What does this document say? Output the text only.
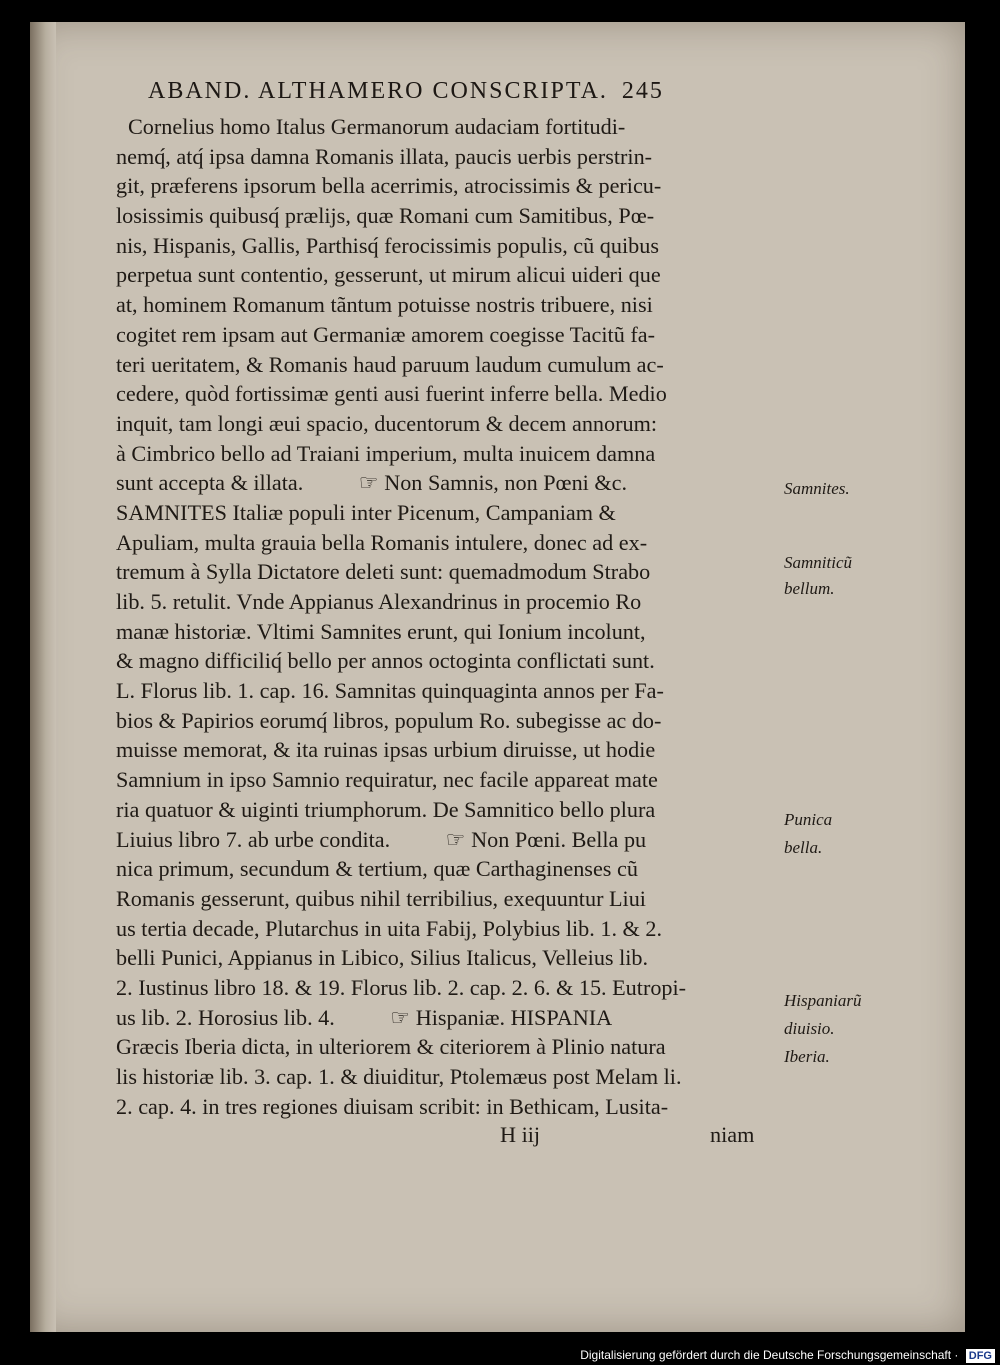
ABAND. ALTHAMERO CONSCRIPTA. 245
Cornelius homo Italus Germanorum audaciam fortitudi-
nemq́, atq́ ipsa damna Romanis illata, paucis uerbis perstrin-
git, præferens ipsorum bella acerrimis, atrocissimis & pericu-
losissimis quibusq́ prælijs, quæ Romani cum Samitibus, Pœ-
nis, Hispanis, Gallis, Parthisq́ ferocissimis populis, cũ quibus
perpetua sunt contentio, gesserunt, ut mirum alicui uideri que
at, hominem Romanum tãntum potuisse nostris tribuere, nisi
cogitet rem ipsam aut Germaniæ amorem coegisse Tacitũ fa-
teri ueritatem, & Romanis haud paruum laudum cumulum ac-
cedere, quòd fortissimæ genti ausi fuerint inferre bella. Medio
inquit, tam longi æui spacio, ducentorum & decem annorum:
à Cimbrico bello ad Traiani imperium, multa inuicem damna
sunt accepta & illata.          ☞ Non Samnis, non Pœni &c.
SAMNITES Italiæ populi inter Picenum, Campaniam &
Apuliam, multa grauia bella Romanis intulere, donec ad ex-
tremum à Sylla Dictatore deleti sunt: quemadmodum Strabo
lib. 5. retulit. Vnde Appianus Alexandrinus in procemio Ro
manæ historiæ. Vltimi Samnites erunt, qui Ionium incolunt,
& magno difficiliq́ bello per annos octoginta conflictati sunt.
L. Florus lib. 1. cap. 16. Samnitas quinquaginta annos per Fa-
bios & Papirios eorumq́ libros, populum Ro. subegisse ac do-
muisse memorat, & ita ruinas ipsas urbium diruisse, ut hodie
Samnium in ipso Samnio requiratur, nec facile appareat mate
ria quatuor & uiginti triumphorum. De Samnitico bello plura
Liuius libro 7. ab urbe condita.          ☞ Non Pœni. Bella pu
nica primum, secundum & tertium, quæ Carthaginenses cũ
Romanis gesserunt, quibus nihil terribilius, exequuntur Liui
us tertia decade, Plutarchus in uita Fabij, Polybius lib. 1. & 2.
belli Punici, Appianus in Libico, Silius Italicus, Velleius lib.
2. Iustinus libro 18. & 19. Florus lib. 2. cap. 2. 6. & 15. Eutropi-
us lib. 2. Horosius lib. 4.          ☞ Hispaniæ. HISPANIA
Græcis Iberia dicta, in ulteriorem & citeriorem à Plinio natura
lis historiæ lib. 3. cap. 1. & diuiditur, Ptolemæus post Melam li.
2. cap. 4. in tres regiones diuisam scribit: in Bethicam, Lusita-
H iij	niam
Samnites.
Samniticũ
bellum.
Punica
bella.
Hispaniarũ
diuisio.
Iberia.
Digitalisierung gefördert durch die Deutsche Forschungsgemeinschaft · DFG
